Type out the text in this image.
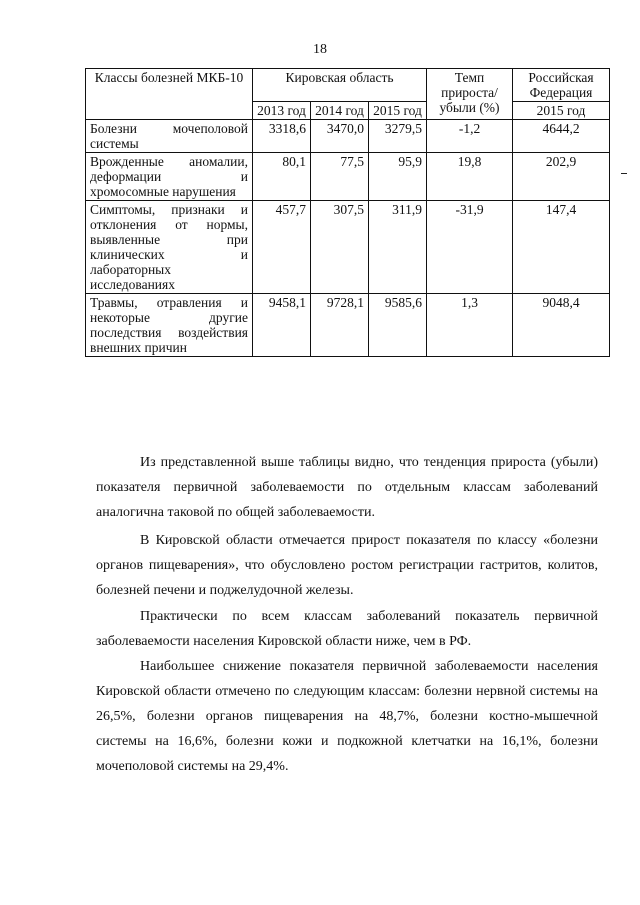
18
Классы болезней МКБ-10	Кировская область			Темп прироста/ убыли (%)	Российская Федерация
	2013 год	2014 год	2015 год		2015 год
Болезни мочеполовой системы	3318,6	3470,0	3279,5	-1,2	4644,2
Врожденные аномалии, деформации и хромосомные нарушения	80,1	77,5	95,9	19,8	202,9
Симптомы, признаки и отклонения от нормы, выявленные при клинических и лабораторных исследованиях	457,7	307,5	311,9	-31,9	147,4
Травмы, отравления и некоторые другие последствия воздействия внешних причин	9458,1	9728,1	9585,6	1,3	9048,4

Из представленной выше таблицы видно, что тенденция прироста (убыли) показателя первичной заболеваемости по отдельным классам заболеваний аналогична таковой по общей заболеваемости.

В Кировской области отмечается прирост показателя по классу «болезни органов пищеварения», что обусловлено ростом регистрации гастритов, колитов, болезней печени и поджелудочной железы.

Практически по всем классам заболеваний показатель первичной заболеваемости населения Кировской области ниже, чем в РФ.

Наибольшее снижение показателя первичной заболеваемости населения Кировской области отмечено по следующим классам: болезни нервной системы на 26,5%, болезни органов пищеварения на 48,7%, болезни костно-мышечной системы на 16,6%, болезни кожи и подкожной клетчатки на 16,1%, болезни мочеполовой системы на 29,4%.
